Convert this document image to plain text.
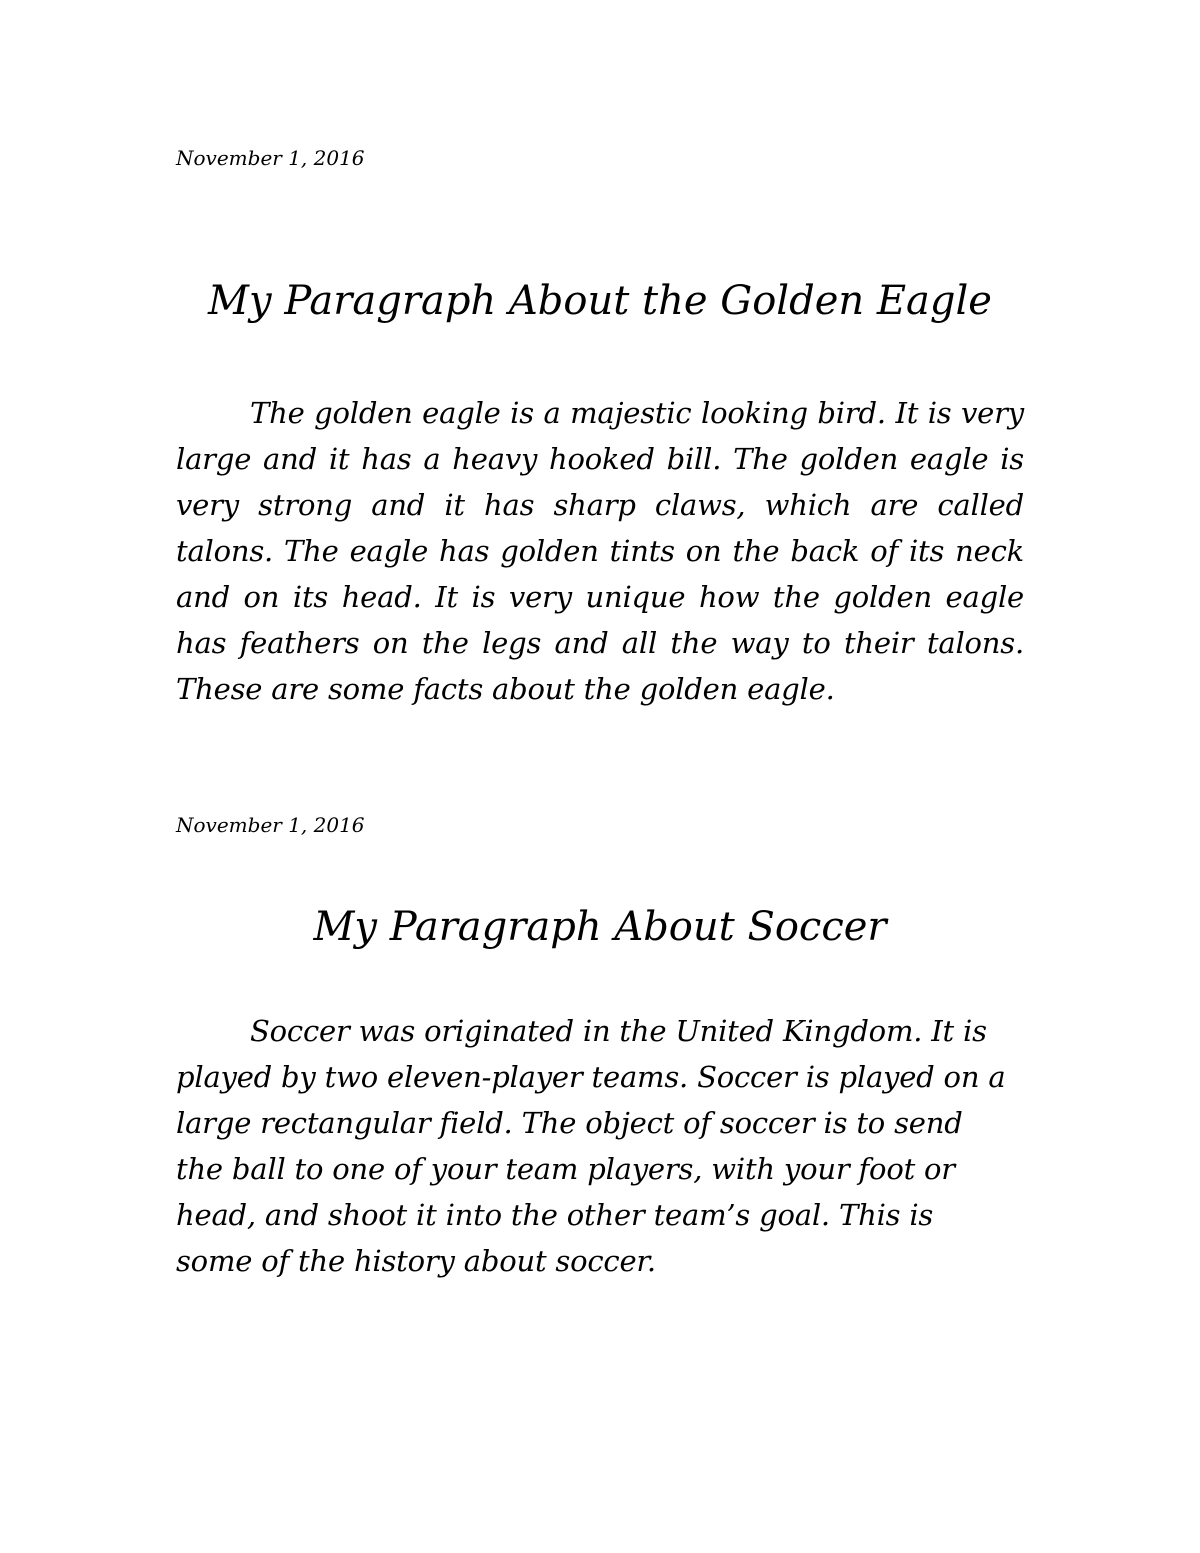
November 1, 2016
My Paragraph About the Golden Eagle

The golden eagle is a majestic looking bird. It is very large and it has a heavy hooked bill. The golden eagle is very strong and it has sharp claws, which are called talons. The eagle has golden tints on the back of its neck and on its head. It is very unique how the golden eagle has feathers on the legs and all the way to their talons. These are some facts about the golden eagle.

November 1, 2016
My Paragraph About Soccer

Soccer was originated in the United Kingdom. It is played by two eleven-player teams. Soccer is played on a large rectangular field. The object of soccer is to send the ball to one of your team players, with your foot or head, and shoot it into the other team’s goal. This is some of the history about soccer.
